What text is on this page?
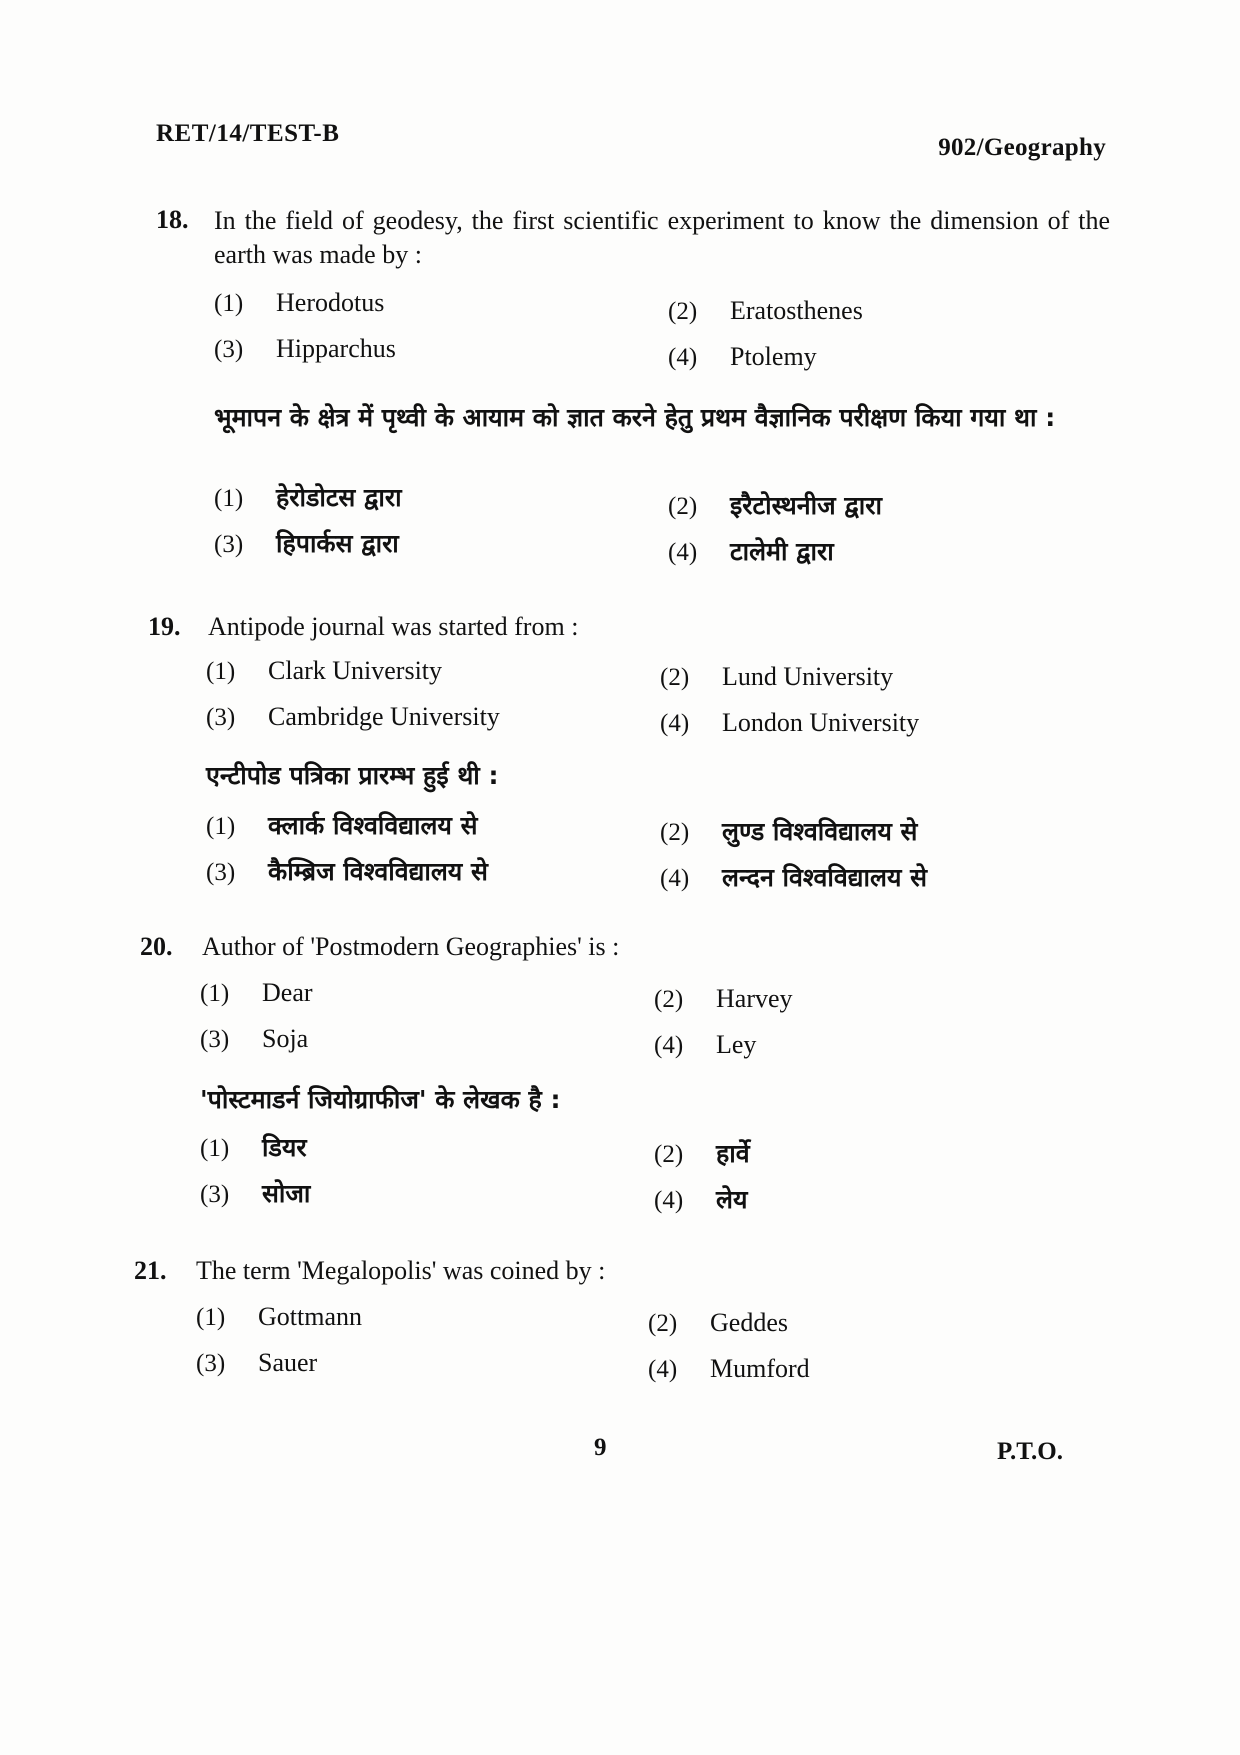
RET/14/TEST-B
902/Geography
18. In the field of geodesy, the first scientific experiment to know the dimension of the earth was made by :
(1) Herodotus	(2) Eratosthenes
(3) Hipparchus	(4) Ptolemy
भूमापन के क्षेत्र में पृथ्वी के आयाम को ज्ञात करने हेतु प्रथम वैज्ञानिक परीक्षण किया गया था :
(1) हेरोडोटस द्वारा	(2) इरैटोस्थनीज द्वारा
(3) हिपार्कस द्वारा	(4) टालेमी द्वारा
19. Antipode journal was started from :
(1) Clark University	(2) Lund University
(3) Cambridge University	(4) London University
एन्टीपोड पत्रिका प्रारम्भ हुई थी :
(1) क्लार्क विश्वविद्यालय से	(2) लुण्ड विश्वविद्यालय से
(3) कैम्ब्रिज विश्वविद्यालय से	(4) लन्दन विश्वविद्यालय से
20. Author of 'Postmodern Geographies' is :
(1) Dear	(2) Harvey
(3) Soja	(4) Ley
'पोस्टमाडर्न जियोग्राफीज' के लेखक है :
(1) डियर	(2) हार्वे
(3) सोजा	(4) लेय
21. The term 'Megalopolis' was coined by :
(1) Gottmann	(2) Geddes
(3) Sauer	(4) Mumford
9	P.T.O.
